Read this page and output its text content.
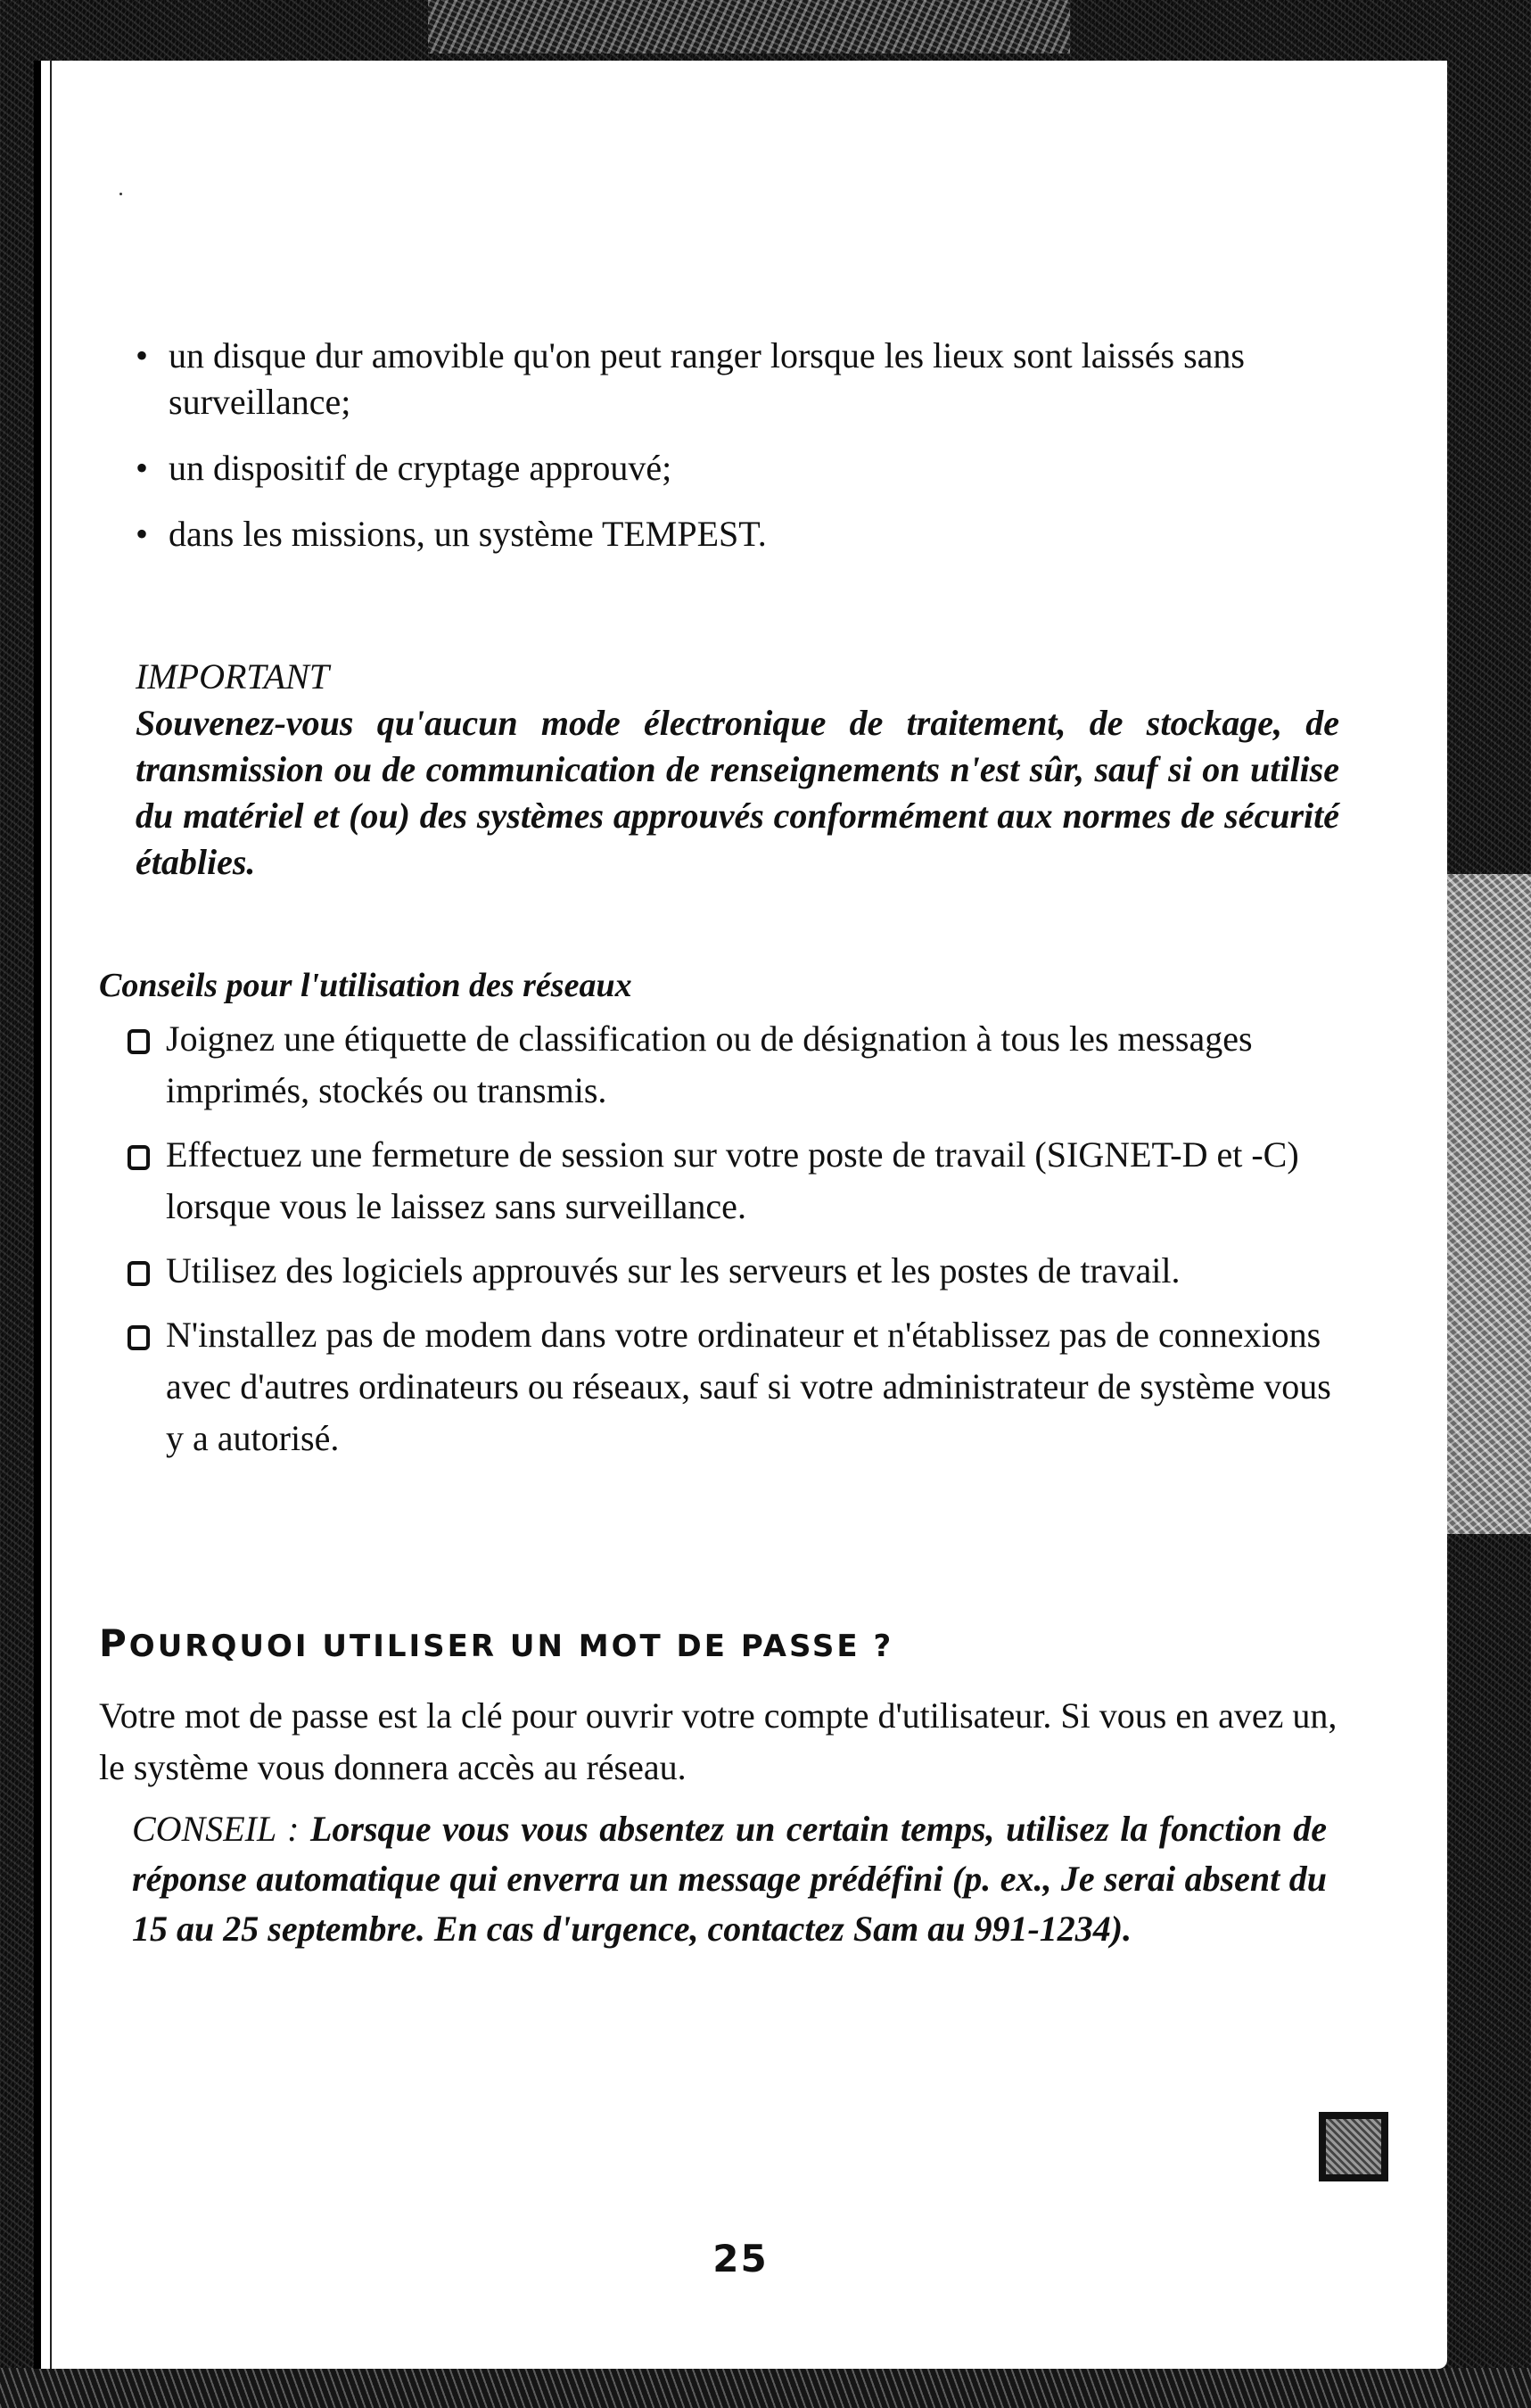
• un disque dur amovible qu'on peut ranger lorsque les lieux sont laissés sans surveillance;
• un dispositif de cryptage approuvé;
• dans les missions, un système TEMPEST.

IMPORTANT

Souvenez-vous qu'aucun mode électronique de traitement, de stockage, de transmission ou de communication de renseignements n'est sûr, sauf si on utilise du matériel et (ou) des systèmes approuvés conformément aux normes de sécurité établies.

Conseils pour l'utilisation des réseaux

Joignez une étiquette de classification ou de désignation à tous les messages imprimés, stockés ou transmis.
Effectuez une fermeture de session sur votre poste de travail (SIGNET-D et -C) lorsque vous le laissez sans surveillance.
Utilisez des logiciels approuvés sur les serveurs et les postes de travail.
N'installez pas de modem dans votre ordinateur et n'établissez pas de connexions avec d'autres ordinateurs ou réseaux, sauf si votre administrateur de système vous y a autorisé.
POURQUOI UTILISER UN MOT DE PASSE ?

Votre mot de passe est la clé pour ouvrir votre compte d'utilisateur. Si vous en avez un, le système vous donnera accès au réseau.

CONSEIL : Lorsque vous vous absentez un certain temps, utilisez la fonction de réponse automatique qui enverra un message prédéfini (p. ex., Je serai absent du 15 au 25 septembre. En cas d'urgence, contactez Sam au 991-1234).

25
